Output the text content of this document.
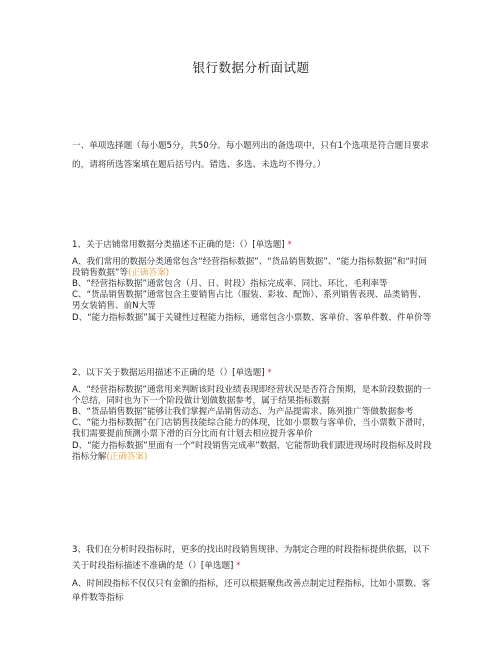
银行数据分析面试题
一、单项选择题（每小题5分，共50分。每小题列出的备选项中，只有1个选项是符合题目要求的，请将所选答案填在题后括号内。错选、多选、未选均不得分。）

1、关于店铺常用数据分类描述不正确的是:（）[单选题] *

A、我们常用的数据分类通常包含“经营指标数据”、“货品销售数据”、“能力指标数据”和“时间段销售数据”等(正确答案)

B、“经营指标数据”通常包含（月、日、时段）指标完成率、同比、环比、毛利率等

C、“货品销售数据”通常包含主要销售占比（服装、彩妆、配饰）、系列销售表现、品类销售、男女装销售、前N大等

D、“能力指标数据”属于关键性过程能力指标，通常包含小票数、客单价、客单件数、件单价等

2、以下关于数据运用描述不正确的是（）[单选题] *

A、“经营指标数据”通常用来判断该时段业绩表现即经营状况是否符合预期，是本阶段数据的一个总结，同时也为下一个阶段做计划做数据参考，属于结果指标数据

B、“货品销售数据”能够让我们掌握产品销售动态、为产品提需求、陈列推广等做数据参考

C、“能力指标数据”在门店销售技能综合能力的体现，比如小票数与客单价，当小票数下滑时，我们需要提前预测小票下滑的百分比而有计划去相应提升客单价

D、“能力指标数据”里面有一个“时段销售完成率”数据，它能帮助我们跟进现场时段指标及时段指标分解(正确答案)

3、我们在分析时段指标时，更多的找出时段销售规律、为制定合理的时段指标提供依据，以下关于时段指标描述不准确的是（）[单选题] *

A、时间段指标不仅仅只有金额的指标，还可以根据聚焦改善点制定过程指标，比如小票数、客单件数等指标
